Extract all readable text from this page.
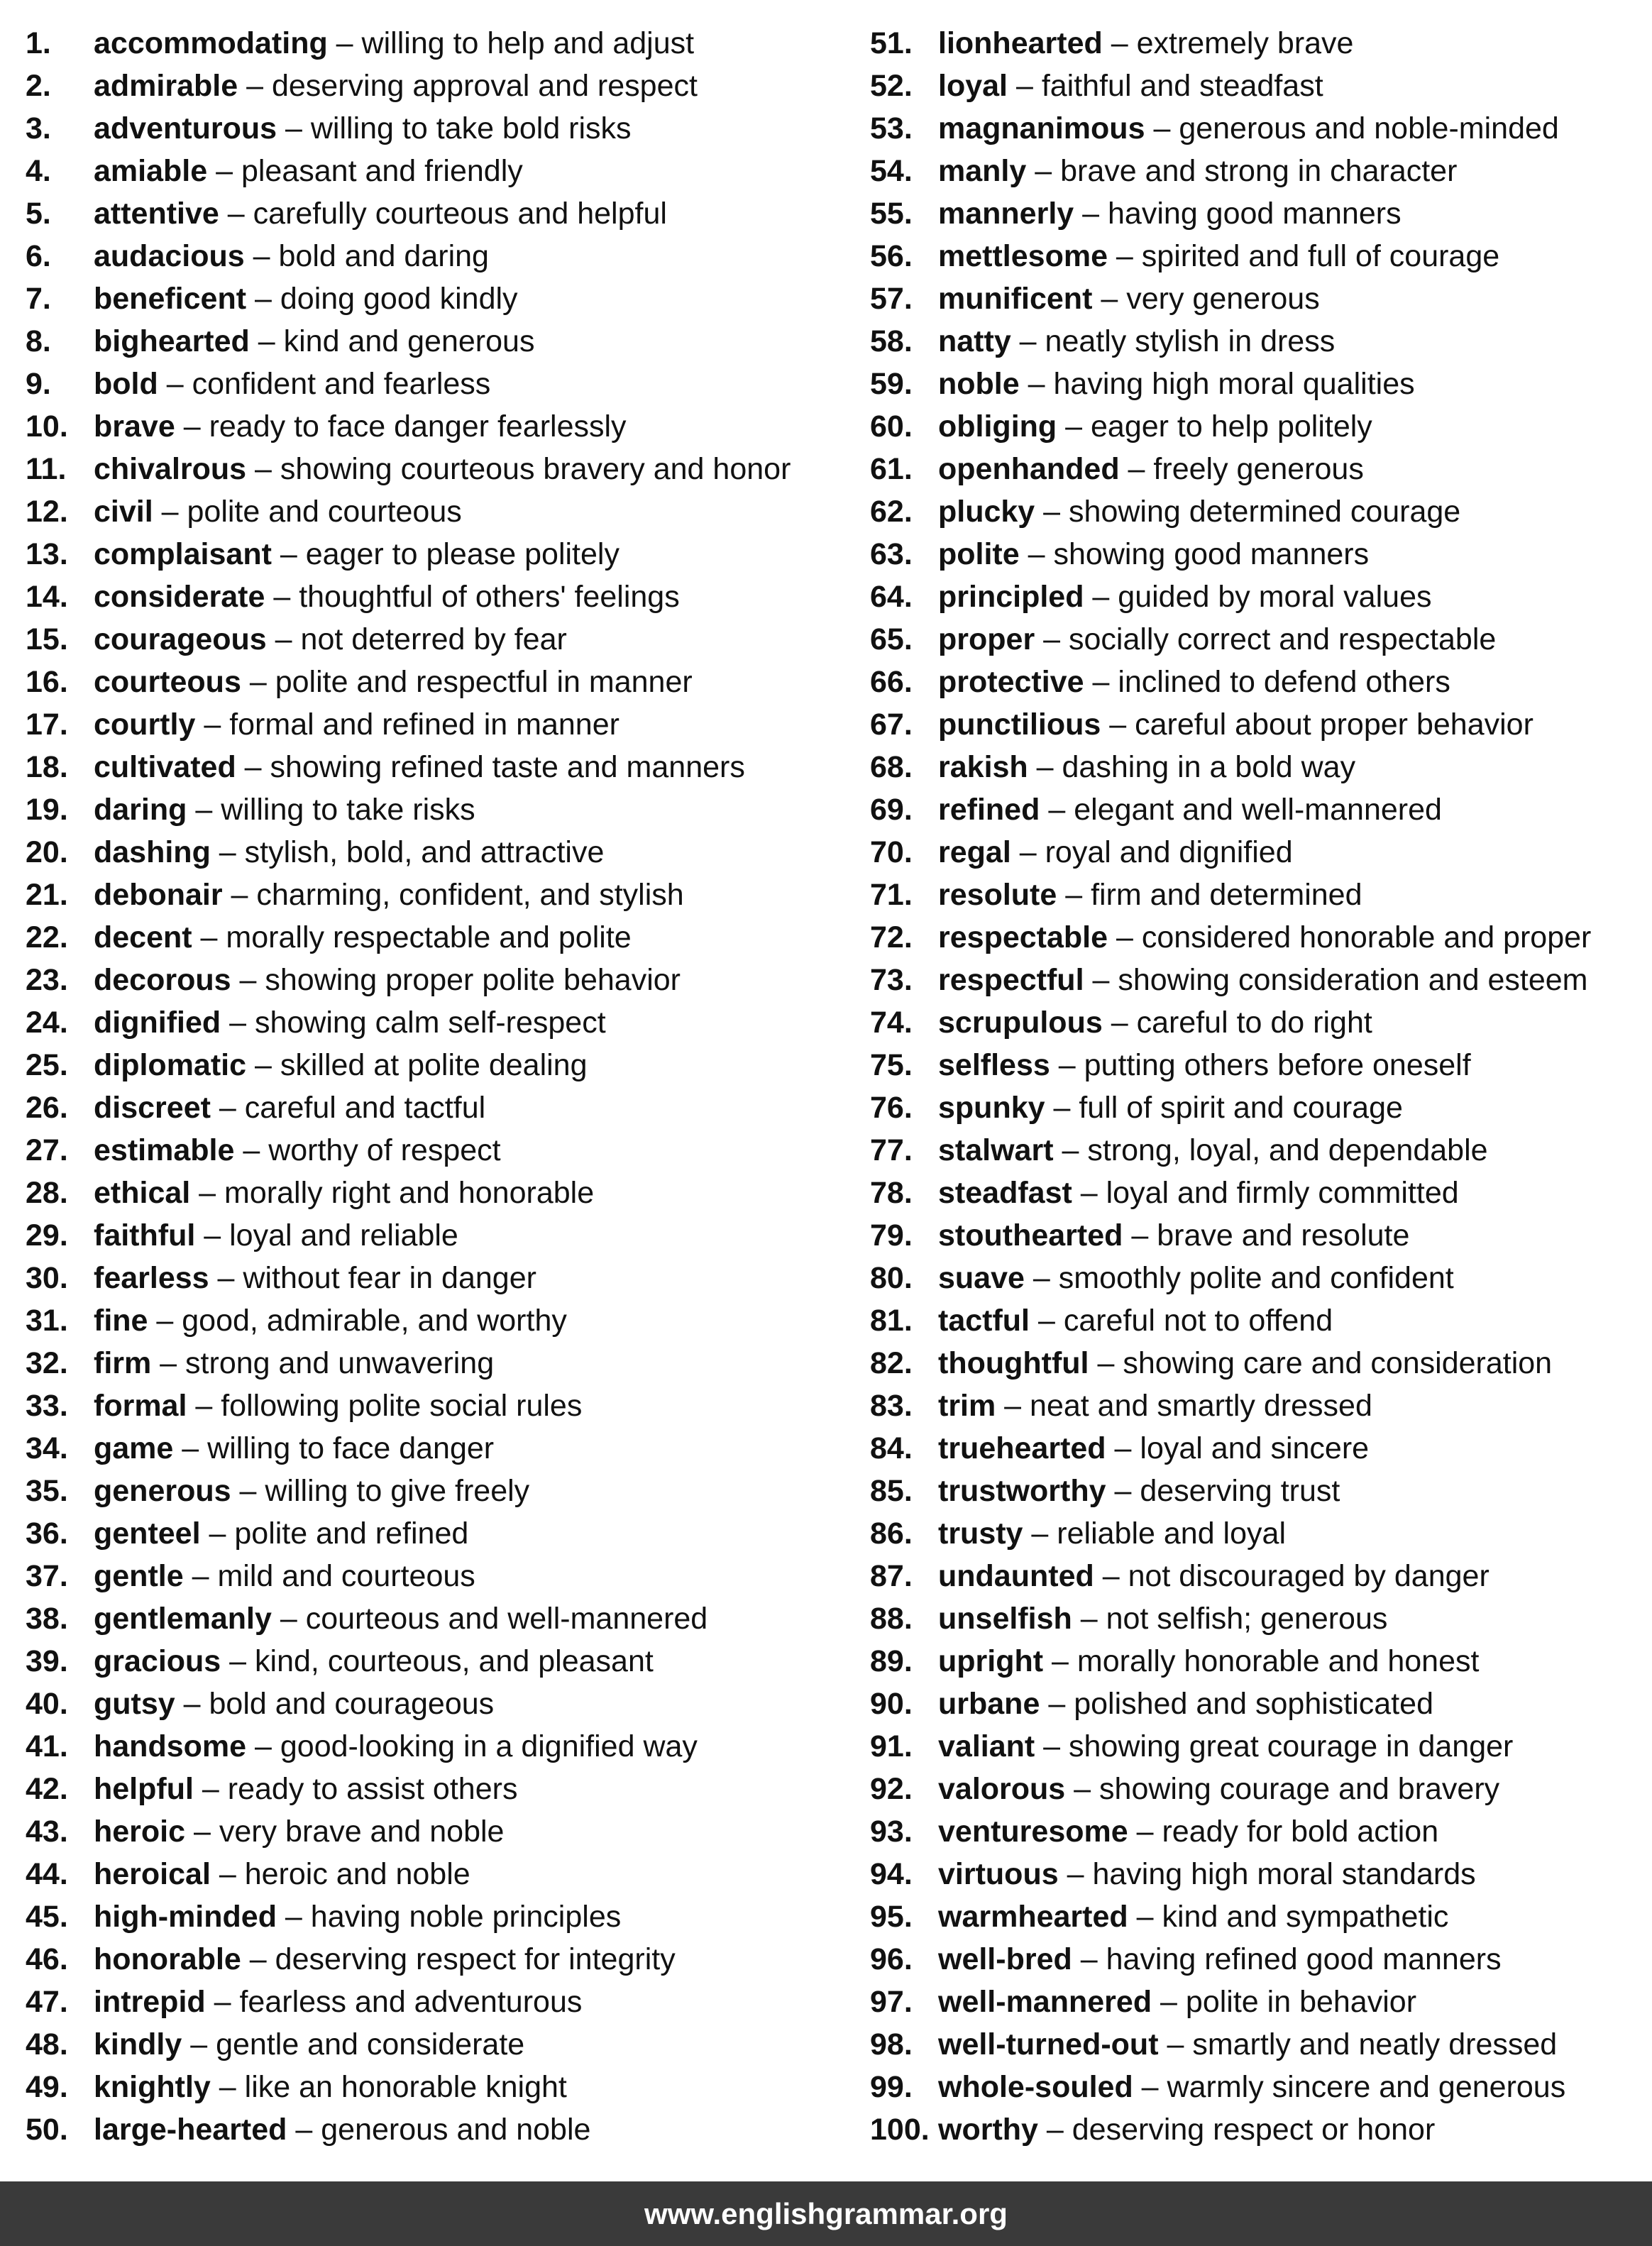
1. accommodating – willing to help and adjust
2. admirable – deserving approval and respect
3. adventurous – willing to take bold risks
4. amiable – pleasant and friendly
5. attentive – carefully courteous and helpful
6. audacious – bold and daring
7. beneficent – doing good kindly
8. bighearted – kind and generous
9. bold – confident and fearless
10. brave – ready to face danger fearlessly
11. chivalrous – showing courteous bravery and honor
12. civil – polite and courteous
13. complaisant – eager to please politely
14. considerate – thoughtful of others' feelings
15. courageous – not deterred by fear
16. courteous – polite and respectful in manner
17. courtly – formal and refined in manner
18. cultivated – showing refined taste and manners
19. daring – willing to take risks
20. dashing – stylish, bold, and attractive
21. debonair – charming, confident, and stylish
22. decent – morally respectable and polite
23. decorous – showing proper polite behavior
24. dignified – showing calm self-respect
25. diplomatic – skilled at polite dealing
26. discreet – careful and tactful
27. estimable – worthy of respect
28. ethical – morally right and honorable
29. faithful – loyal and reliable
30. fearless – without fear in danger
31. fine – good, admirable, and worthy
32. firm – strong and unwavering
33. formal – following polite social rules
34. game – willing to face danger
35. generous – willing to give freely
36. genteel – polite and refined
37. gentle – mild and courteous
38. gentlemanly – courteous and well-mannered
39. gracious – kind, courteous, and pleasant
40. gutsy – bold and courageous
41. handsome – good-looking in a dignified way
42. helpful – ready to assist others
43. heroic – very brave and noble
44. heroical – heroic and noble
45. high-minded – having noble principles
46. honorable – deserving respect for integrity
47. intrepid – fearless and adventurous
48. kindly – gentle and considerate
49. knightly – like an honorable knight
50. large-hearted – generous and noble
51. lionhearted – extremely brave
52. loyal – faithful and steadfast
53. magnanimous – generous and noble-minded
54. manly – brave and strong in character
55. mannerly – having good manners
56. mettlesome – spirited and full of courage
57. munificent – very generous
58. natty – neatly stylish in dress
59. noble – having high moral qualities
60. obliging – eager to help politely
61. openhanded – freely generous
62. plucky – showing determined courage
63. polite – showing good manners
64. principled – guided by moral values
65. proper – socially correct and respectable
66. protective – inclined to defend others
67. punctilious – careful about proper behavior
68. rakish – dashing in a bold way
69. refined – elegant and well-mannered
70. regal – royal and dignified
71. resolute – firm and determined
72. respectable – considered honorable and proper
73. respectful – showing consideration and esteem
74. scrupulous – careful to do right
75. selfless – putting others before oneself
76. spunky – full of spirit and courage
77. stalwart – strong, loyal, and dependable
78. steadfast – loyal and firmly committed
79. stouthearted – brave and resolute
80. suave – smoothly polite and confident
81. tactful – careful not to offend
82. thoughtful – showing care and consideration
83. trim – neat and smartly dressed
84. truehearted – loyal and sincere
85. trustworthy – deserving trust
86. trusty – reliable and loyal
87. undaunted – not discouraged by danger
88. unselfish – not selfish; generous
89. upright – morally honorable and honest
90. urbane – polished and sophisticated
91. valiant – showing great courage in danger
92. valorous – showing courage and bravery
93. venturesome – ready for bold action
94. virtuous – having high moral standards
95. warmhearted – kind and sympathetic
96. well-bred – having refined good manners
97. well-mannered – polite in behavior
98. well-turned-out – smartly and neatly dressed
99. whole-souled – warmly sincere and generous
100. worthy – deserving respect or honor
www.englishgrammar.org
